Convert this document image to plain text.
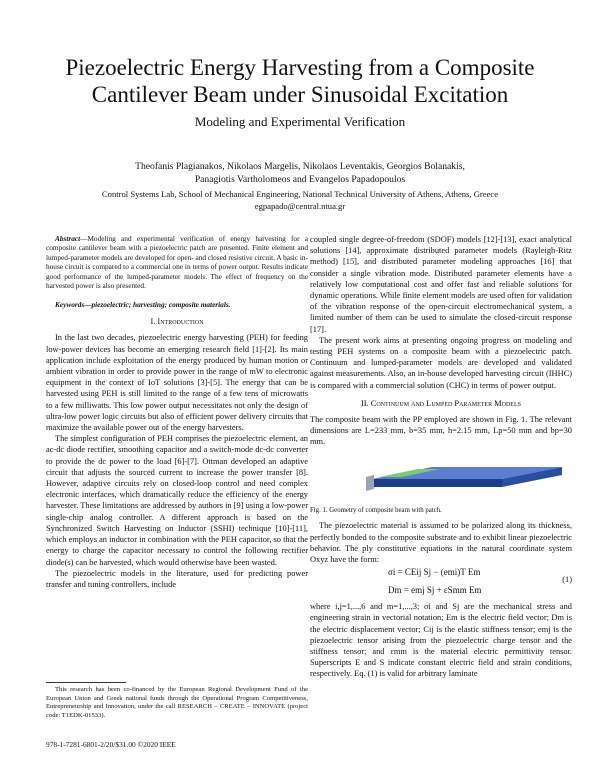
Piezoelectric Energy Harvesting from a Composite Cantilever Beam under Sinusoidal Excitation
Modeling and Experimental Verification
Theofanis Plagianakos, Nikolaos Margelis, Nikolaos Leventakis, Georgios Bolanakis,
Panagiotis Vartholomeos and Evangelos Papadopoulos
Control Systems Lab, School of Mechanical Engineering, National Technical University of Athens, Athens, Greece
egpapado@central.ntua.gr

Abstract—Modeling and experimental verification of energy harvesting for a composite cantilever beam with a piezoelectric patch are presented. Finite element and lumped-parameter models are developed for open- and closed resistive circuit. A basic in-house circuit is compared to a commercial one in terms of power output. Results indicate good performance of the lumped-parameter models. The effect of frequency on the harvested power is also presented.

Keywords—piezoelectric; harvesting; composite materials.
I. Introduction

In the last two decades, piezoelectric energy harvesting (PEH) for feeding low-power devices has become an emerging research field [1]-[2]. Its main application include exploitation of the energy produced by human motion or ambient vibration in order to provide power in the range of mW to electronic equipment in the context of IoT solutions [3]-[5]. The energy that can be harvested using PEH is still limited to the range of a few tens of microwatts to a few milliwatts. This low power output necessitates not only the design of ultra-low power logic circuits but also of efficient power delivery circuits that maximize the available power out of the energy harvesters.

The simplest configuration of PEH comprises the piezoelectric element, an ac-dc diode rectifier, smoothing capacitor and a switch-mode dc-dc converter to provide the dc power to the load [6]-[7]. Ottman developed an adaptive circuit that adjusts the sourced current to increase the power transfer [8]. However, adaptive circuits rely on closed-loop control and need complex electronic interfaces, which dramatically reduce the efficiency of the energy harvester. These limitations are addressed by authors in [9] using a low-power single-chip analog controller. A different approach is based on the Synchronized Switch Harvesting on Inductor (SSHI) technique [10]-[11], which employs an inductor in combination with the PEH capacitor, so that the energy to charge the capacitor necessary to control the following rectifier diode(s) can be harvested, which would otherwise have been wasted.

The piezoelectric models in the literature, used for predicting power transfer and tuning controllers, include

This research has been co-financed by the European Regional Development Fund of the European Union and Greek national funds through the Operational Program Competitiveness, Entrepreneurship and Innovation, under the call RESEARCH – CREATE – INNOVATE (project code: T1EDK-01533).
978-1-7281-6801-2/20/$31.00 ©2020 IEEE

coupled single degree-of-freedom (SDOF) models [12]-[13], exact analytical solutions [14], approximate distributed parameter models (Rayleigh-Ritz method) [15], and distributed parameter modeling approaches [16] that consider a single vibration mode. Distributed parameter elements have a relatively low computational cost and offer fast and reliable solutions for dynamic operations. While finite element models are used often for validation of the vibration response of the open-circuit electromechanical system, a limited number of them can be used to simulate the closed-circuit response [17].

The present work aims at presenting ongoing progress on modeling and testing PEH systems on a composite beam with a piezoelectric patch. Continuum and lumped-parameter models are developed and validated against measurements. Also, an in-house developed harvesting circuit (IHHC) is compared with a commercial solution (CHC) in terms of power output.

II. Continuum and Lumped Parameter Models

The composite beam with the PP employed are shown in Fig. 1. The relevant dimensions are L=233 mm, b=35 mm, h=2.15 mm, Lp=50 mm and bp=30 mm.

Fig. 1. Geometry of composite beam with patch.

The piezoelectric material is assumed to be polarized along its thickness, perfectly bonded to the composite substrate and to exhibit linear piezoelectric behavior. The ply constitutive equations in the natural coordinate system Oxyz have the form:

σi = CEij Sj − (emi)T Em
Dm = emj Sj + εSmm Em
(1)

where i,j=1,...,6 and m=1,...,3; σi and Sj are the mechanical stress and engineering strain in vectorial notation; Em is the electric field vector; Dm is the electric displacement vector; Cij is the elastic stiffness tensor; emj is the piezoelectric tensor arising from the piezoelectric charge tensor and the stiffness tensor; and εmm is the material electric permittivity tensor. Superscripts E and S indicate constant electric field and strain conditions, respectively. Eq. (1) is valid for arbitrary laminate
